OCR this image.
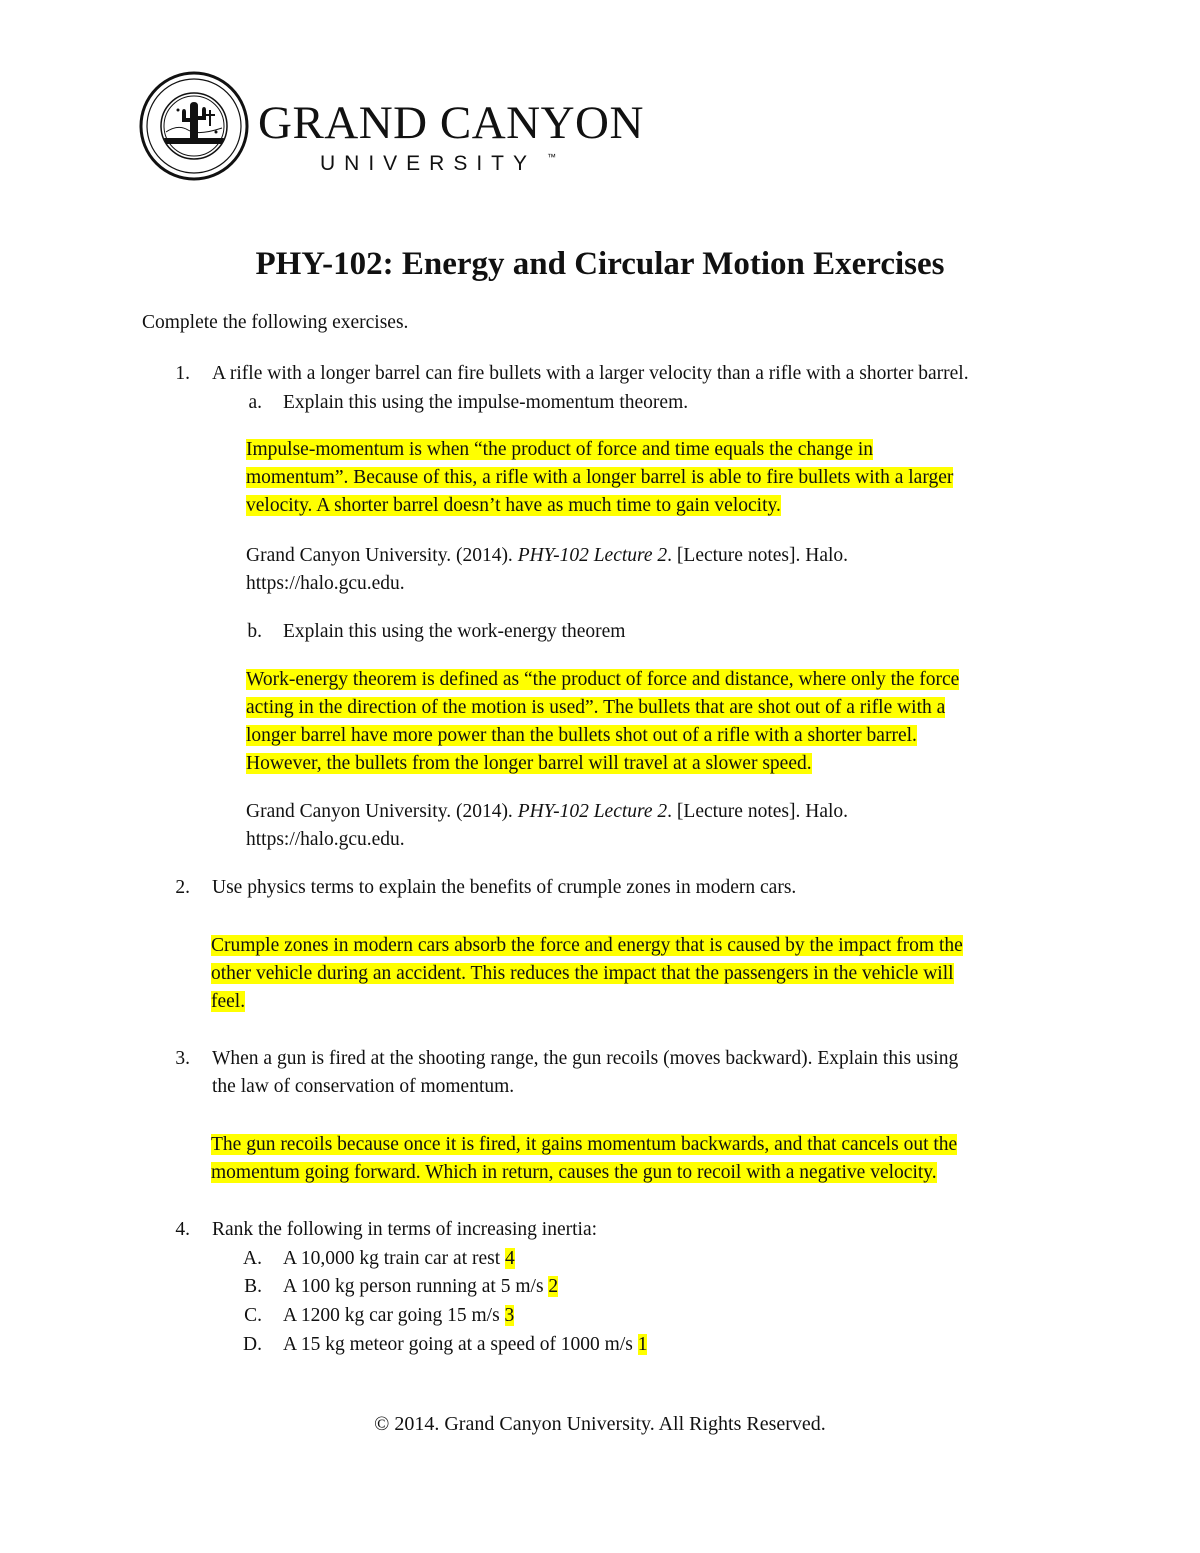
GRAND CANYON
UNIVERSITY ™
PHY-102: Energy and Circular Motion Exercises
Complete the following exercises.
1. A rifle with a longer barrel can fire bullets with a larger velocity than a rifle with a shorter barrel.
a. Explain this using the impulse-momentum theorem.
Impulse-momentum is when “the product of force and time equals the change in
momentum”. Because of this, a rifle with a longer barrel is able to fire bullets with a larger
velocity. A shorter barrel doesn’t have as much time to gain velocity.
Grand Canyon University. (2014). PHY-102 Lecture 2. [Lecture notes]. Halo.
https://halo.gcu.edu.
b. Explain this using the work-energy theorem
Work-energy theorem is defined as “the product of force and distance, where only the force
acting in the direction of the motion is used”. The bullets that are shot out of a rifle with a
longer barrel have more power than the bullets shot out of a rifle with a shorter barrel.
However, the bullets from the longer barrel will travel at a slower speed.
Grand Canyon University. (2014). PHY-102 Lecture 2. [Lecture notes]. Halo.
https://halo.gcu.edu.
2. Use physics terms to explain the benefits of crumple zones in modern cars.
Crumple zones in modern cars absorb the force and energy that is caused by the impact from the
other vehicle during an accident. This reduces the impact that the passengers in the vehicle will
feel.
3. When a gun is fired at the shooting range, the gun recoils (moves backward). Explain this using
the law of conservation of momentum.
The gun recoils because once it is fired, it gains momentum backwards, and that cancels out the
momentum going forward. Which in return, causes the gun to recoil with a negative velocity.
4. Rank the following in terms of increasing inertia:
A. A 10,000 kg train car at rest 4
B. A 100 kg person running at 5 m/s 2
C. A 1200 kg car going 15 m/s 3
D. A 15 kg meteor going at a speed of 1000 m/s 1
© 2014. Grand Canyon University. All Rights Reserved.
